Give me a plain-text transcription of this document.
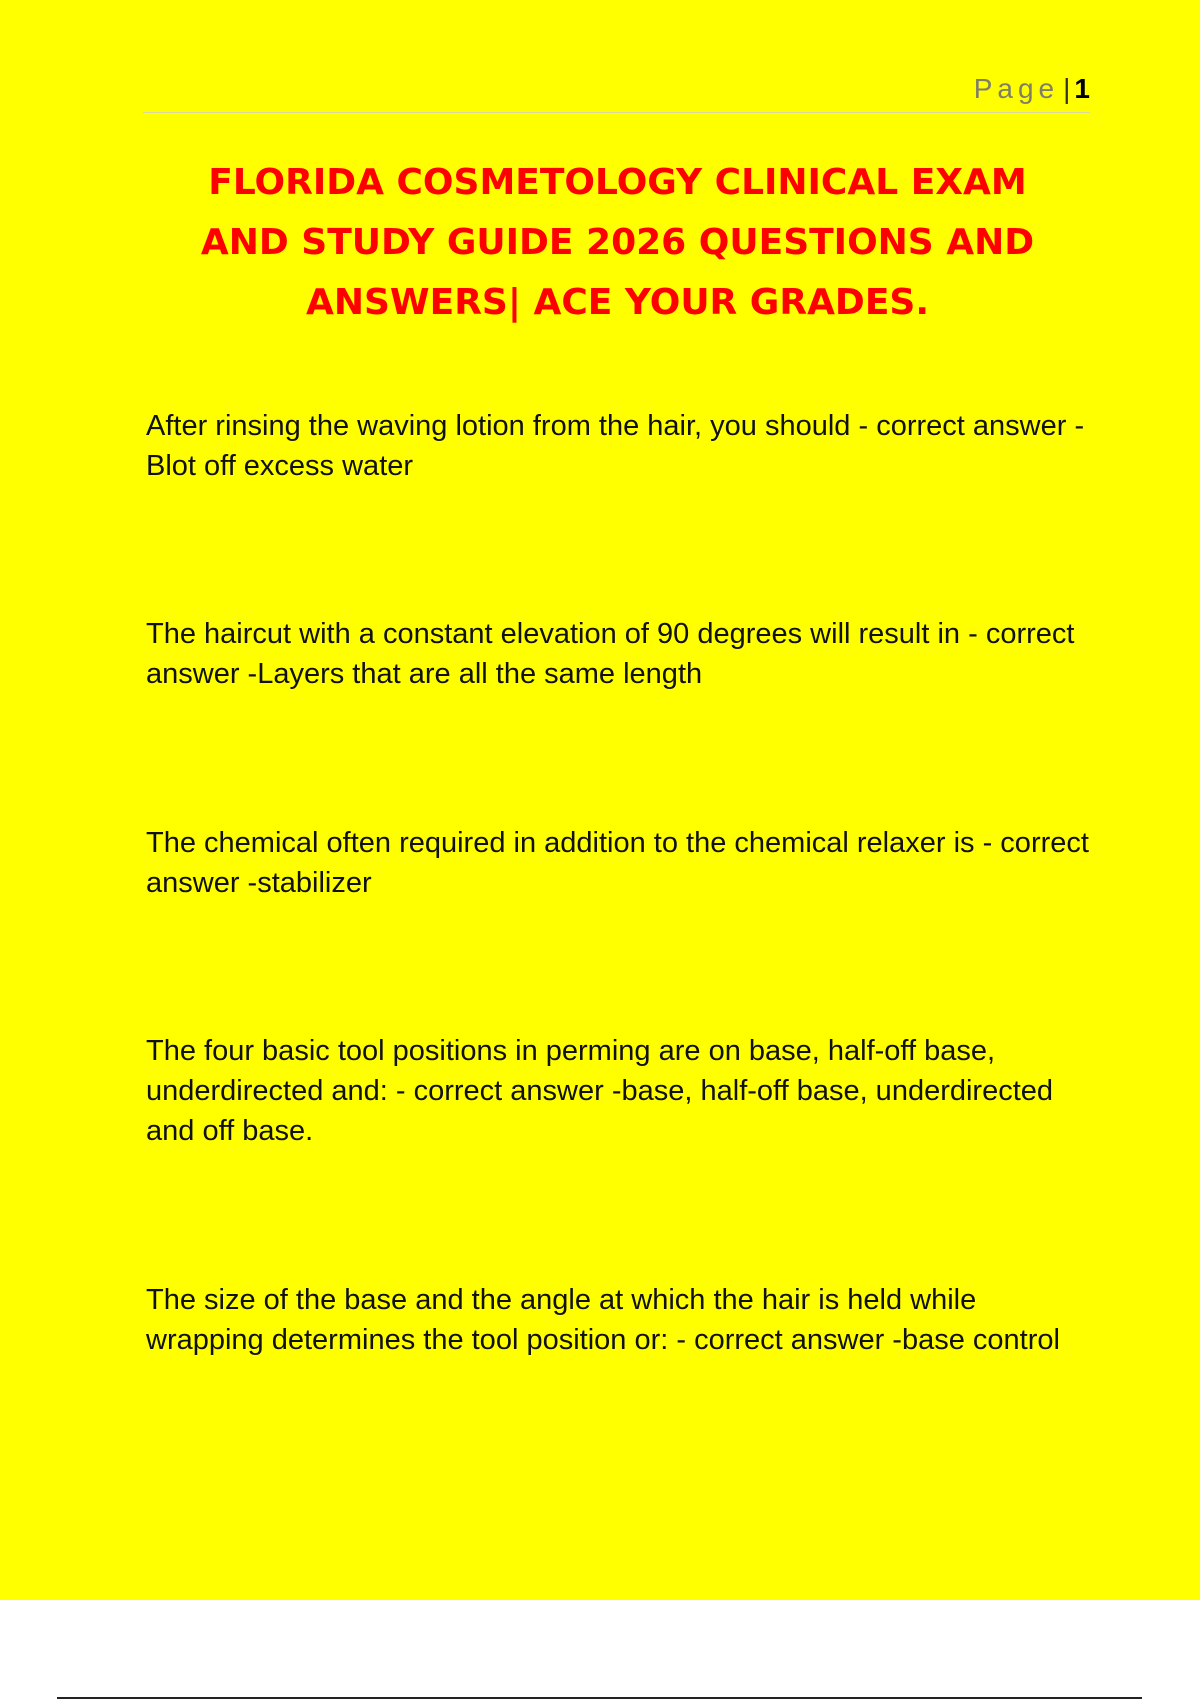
Page | 1
FLORIDA COSMETOLOGY CLINICAL EXAM
AND STUDY GUIDE 2026 QUESTIONS AND
ANSWERS| ACE YOUR GRADES.

After rinsing the waving lotion from the hair, you should - correct answer -Blot off excess water

The haircut with a constant elevation of 90 degrees will result in - correct answer -Layers that are all the same length

The chemical often required in addition to the chemical relaxer is - correct answer -stabilizer

The four basic tool positions in perming are on base, half-off base, underdirected and: - correct answer -base, half-off base, underdirected and off base.

The size of the base and the angle at which the hair is held while wrapping determines the tool position or: - correct answer -base control
